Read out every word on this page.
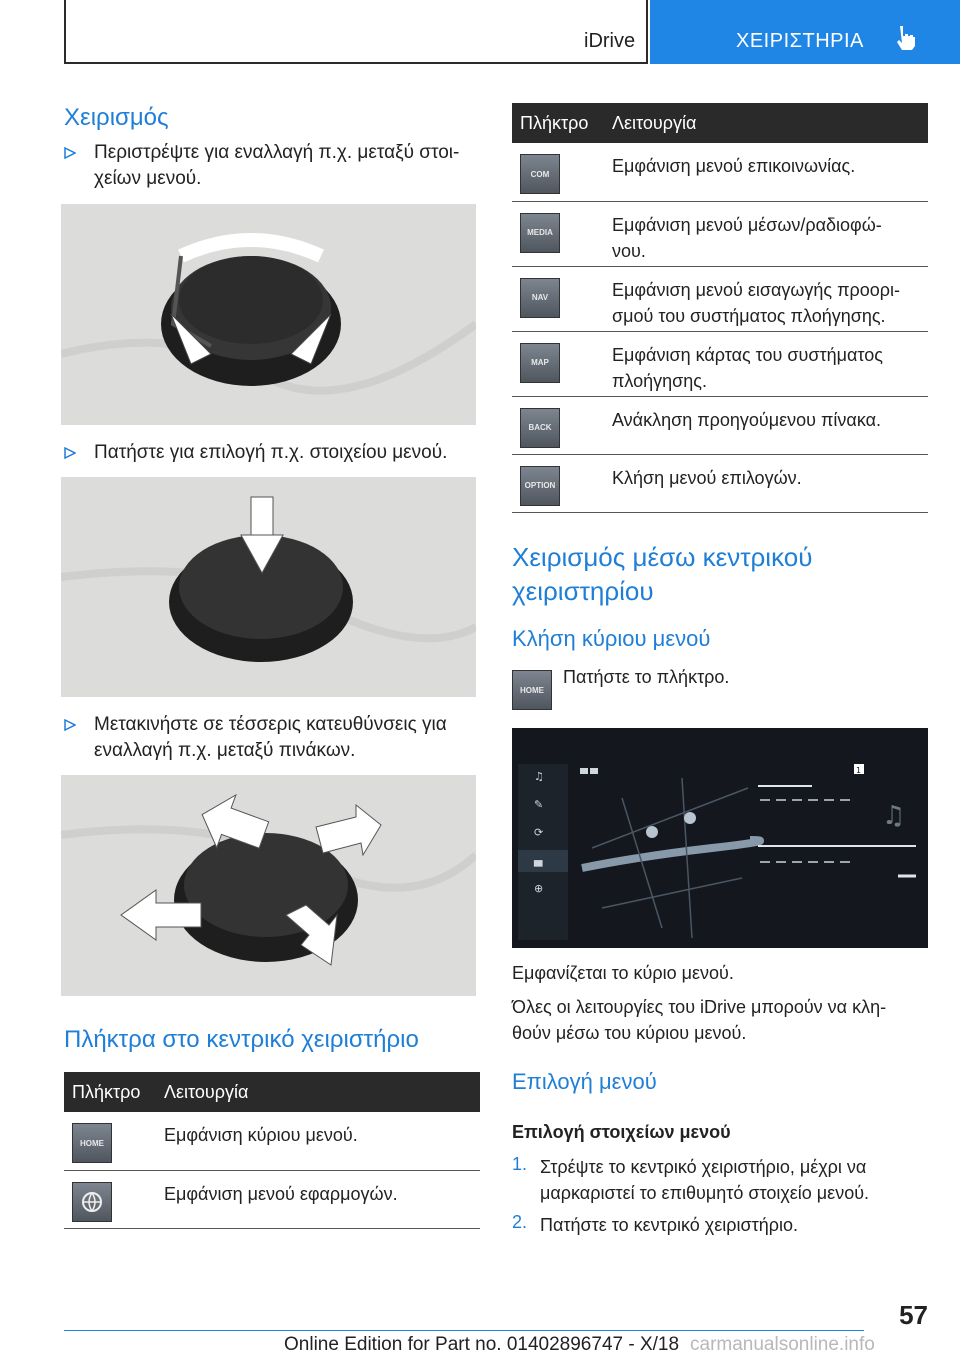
iDrive	ΧΕΙΡΙΣΤΗΡΙΑ
Χειρισμός
Περιστρέψτε για εναλλαγή π.χ. μεταξύ στοι-
χείων μενού.
Πατήστε για επιλογή π.χ. στοιχείου μενού.
Μετακινήστε σε τέσσερις κατευθύνσεις για
εναλλαγή π.χ. μεταξύ πινάκων.
Πλήκτρα στο κεντρικό χειριστήριο
Πλήκτρο	Λειτουργία

HOME	Εμφάνιση κύριου μενού.

Εμφάνιση μενού εφαρμογών.
Πλήκτρο	Λειτουργία

COM	Εμφάνιση μενού επικοινωνίας.

MEDIA	Εμφάνιση μενού μέσων/ραδιοφώ-
νου.

NAV	Εμφάνιση μενού εισαγωγής προορι-
σμού του συστήματος πλοήγησης.

MAP	Εμφάνιση κάρτας του συστήματος
πλοήγησης.

BACK	Ανάκληση προηγούμενου πίνακα.

OPTION	Κλήση μενού επιλογών.
Χειρισμός μέσω κεντρικού
χειριστηρίου
Κλήση κύριου μενού
HOME
Πατήστε το πλήκτρο.
♫
✎
⟳
▄
⊕
1
♫
Εμφανίζεται το κύριο μενού.
Όλες οι λειτουργίες του iDrive μπορούν να κλη-
θούν μέσω του κύριου μενού.
Επιλογή μενού
Επιλογή στοιχείων μενού
1. Στρέψτε το κεντρικό χειριστήριο, μέχρι να
μαρκαριστεί το επιθυμητό στοιχείο μενού.
2. Πατήστε το κεντρικό χειριστήριο.
57
Online Edition for Part no. 01402896747 - X/18 carmanualsonline.info
